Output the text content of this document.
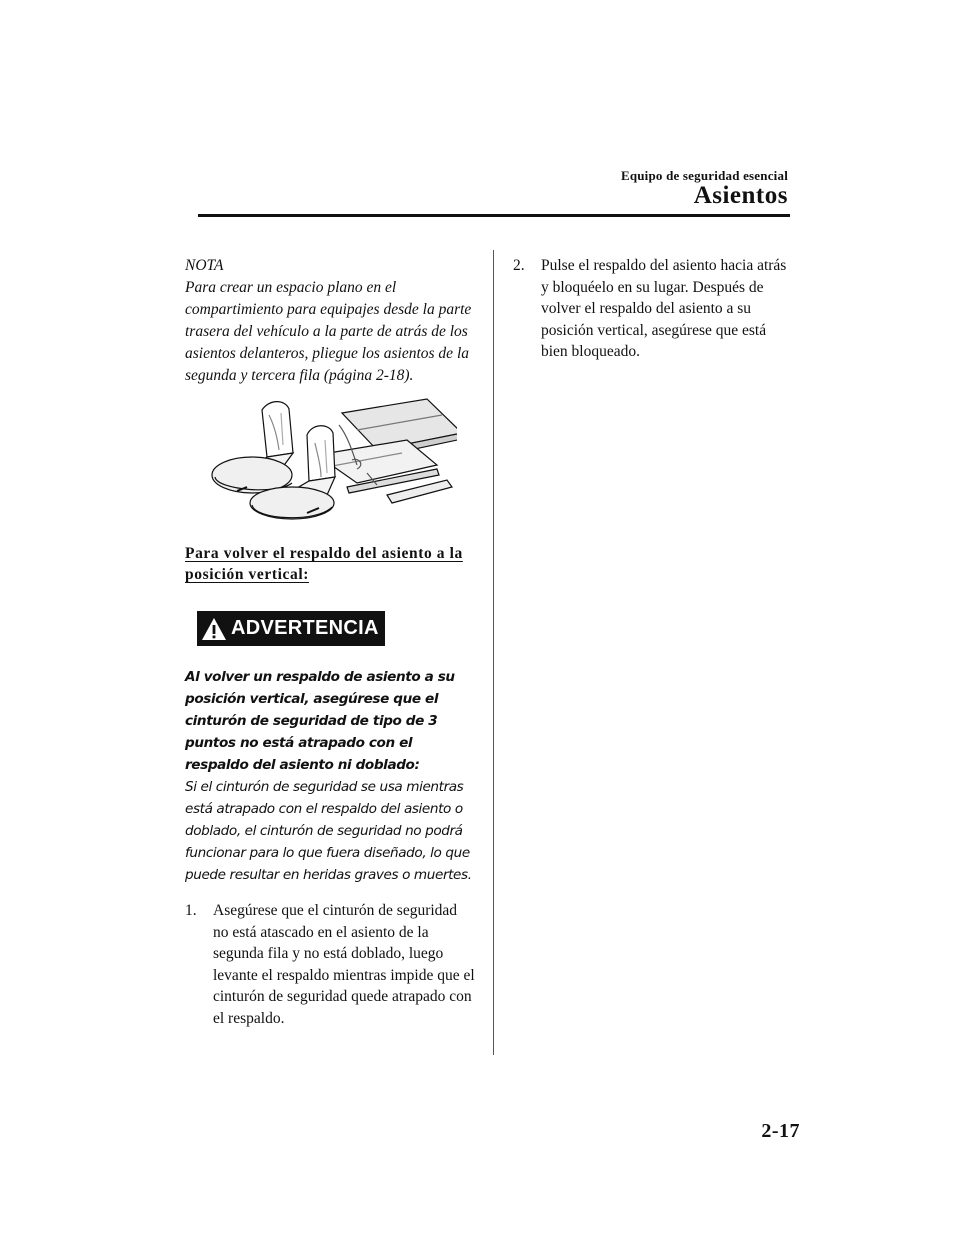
Equipo de seguridad esencial
Asientos
NOTA
Para crear un espacio plano en el compartimiento para equipajes desde la parte trasera del vehículo a la parte de atrás de los asientos delanteros, pliegue los asientos de la segunda y tercera fila (página 2-18).
Para volver el respaldo del asiento a la posición vertical:
ADVERTENCIA
Al volver un respaldo de asiento a su posición vertical, asegúrese que el cinturón de seguridad de tipo de 3 puntos no está atrapado con el respaldo del asiento ni doblado:
Si el cinturón de seguridad se usa mientras está atrapado con el respaldo del asiento o doblado, el cinturón de seguridad no podrá funcionar para lo que fuera diseñado, lo que puede resultar en heridas graves o muertes.
1.	Asegúrese que el cinturón de seguridad no está atascado en el asiento de la segunda fila y no está doblado, luego levante el respaldo mientras impide que el cinturón de seguridad quede atrapado con el respaldo.
2.	Pulse el respaldo del asiento hacia atrás y bloquéelo en su lugar. Después de volver el respaldo del asiento a su posición vertical, asegúrese que está bien bloqueado.
2-17
